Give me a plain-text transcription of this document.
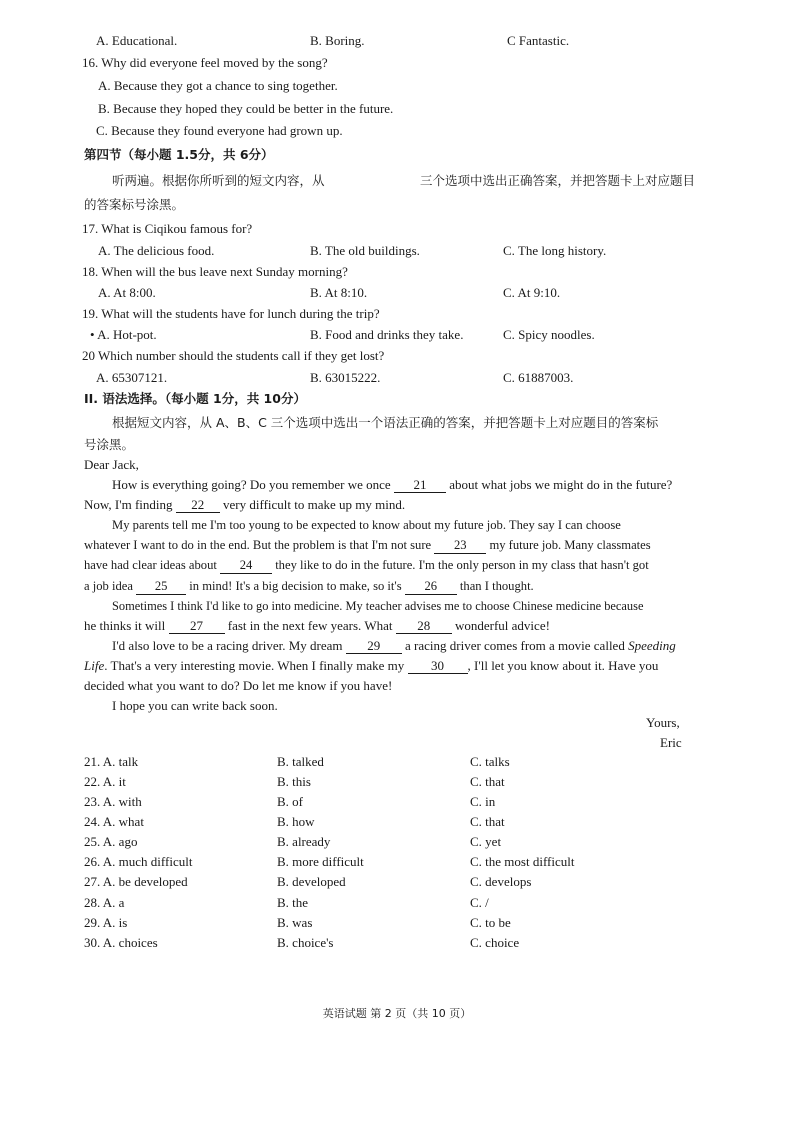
A. Educational.	B. Boring.	C Fantastic.
16. Why did everyone feel moved by the song?
A. Because they got a chance to sing together.
B. Because they hoped they could be better in the future.
C. Because they found everyone had grown up.
第四节（每小题 1.5分，共 6分）
听两遍。根据你所听到的短文内容，从	三个选项中选出正确答案，并把答题卡上对应题目
的答案标号涂黑。
17. What is Ciqikou famous for?
A. The delicious food.	B. The old buildings.	C. The long history.
18. When will the bus leave next Sunday morning?
A. At 8:00.	B. At 8:10.	C. At 9:10.
19. What will the students have for lunch during the trip?
• A. Hot-pot.	B. Food and drinks they take.	C. Spicy noodles.
20 Which number should the students call if they get lost?
A. 65307121.	B. 63015222.	C. 61887003.
II. 语法选择。（每小题 1分，共 10分）
根据短文内容，从 A、B、C 三个选项中选出一个语法正确的答案，并把答题卡上对应题目的答案标
号涂黑。
Dear Jack,
How is everything going? Do you remember we once 21 about what jobs we might do in the future?
Now, I'm finding 22 very difficult to make up my mind.
My parents tell me I'm too young to be expected to know about my future job. They say I can choose
whatever I want to do in the end. But the problem is that I'm not sure 23 my future job. Many classmates
have had clear ideas about 24 they like to do in the future. I'm the only person in my class that hasn't got
a job idea 25 in mind! It's a big decision to make, so it's 26 than I thought.
Sometimes I think I'd like to go into medicine. My teacher advises me to choose Chinese medicine because
he thinks it will 27 fast in the next few years. What 28 wonderful advice!
I'd also love to be a racing driver. My dream 29 a racing driver comes from a movie called Speeding
Life. That's a very interesting movie. When I finally make my 30 , I'll let you know about it. Have you
decided what you want to do? Do let me know if you have!
I hope you can write back soon.
Yours,
Eric
21. A. talk	B. talked	C. talks
22. A. it	B. this	C. that
23. A. with	B. of	C. in
24. A. what	B. how	C. that
25. A. ago	B. already	C. yet
26. A. much difficult	B. more difficult	C. the most difficult
27. A. be developed	B. developed	C. develops
28. A. a	B. the	C. /
29. A. is	B. was	C. to be
30. A. choices	B. choice's	C. choice
英语试题 第 2 页（共 10 页）
